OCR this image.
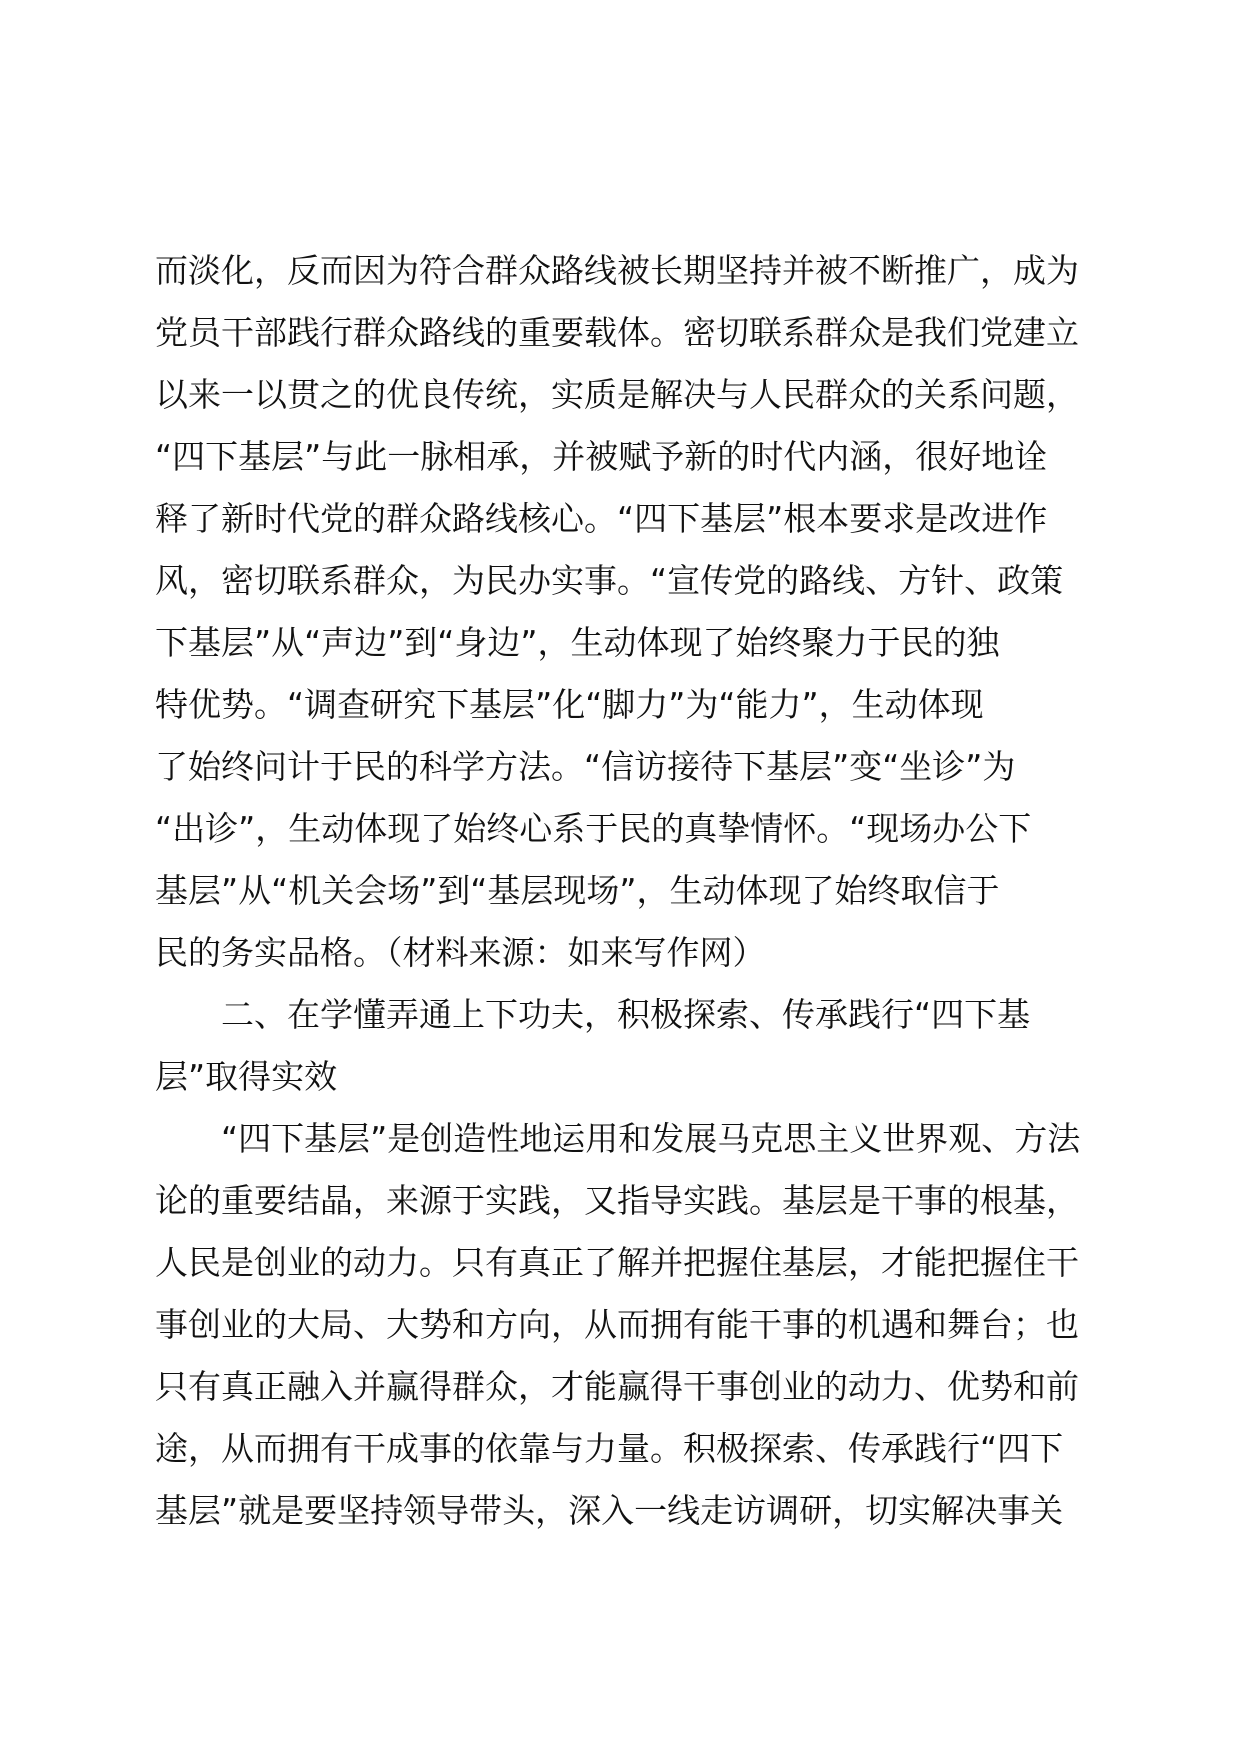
而淡化，反而因为符合群众路线被长期坚持并被不断推广，成为
党员干部践行群众路线的重要载体。密切联系群众是我们党建立
以来一以贯之的优良传统，实质是解决与人民群众的关系问题，
“四下基层”与此一脉相承，并被赋予新的时代内涵，很好地诠
释了新时代党的群众路线核心。“四下基层”根本要求是改进作
风，密切联系群众，为民办实事。“宣传党的路线、方针、政策
下基层”从“声边”到“身边”，生动体现了始终聚力于民的独
特优势。“调查研究下基层”化“脚力”为“能力”，生动体现
了始终问计于民的科学方法。“信访接待下基层”变“坐诊”为
“出诊”，生动体现了始终心系于民的真挚情怀。“现场办公下
基层”从“机关会场”到“基层现场”，生动体现了始终取信于
民的务实品格。（材料来源：如来写作网）
二、在学懂弄通上下功夫，积极探索、传承践行“四下基
层”取得实效
“四下基层”是创造性地运用和发展马克思主义世界观、方法
论的重要结晶，来源于实践，又指导实践。基层是干事的根基，
人民是创业的动力。只有真正了解并把握住基层，才能把握住干
事创业的大局、大势和方向，从而拥有能干事的机遇和舞台；也
只有真正融入并赢得群众，才能赢得干事创业的动力、优势和前
途，从而拥有干成事的依靠与力量。积极探索、传承践行“四下
基层”就是要坚持领导带头，深入一线走访调研，切实解决事关
